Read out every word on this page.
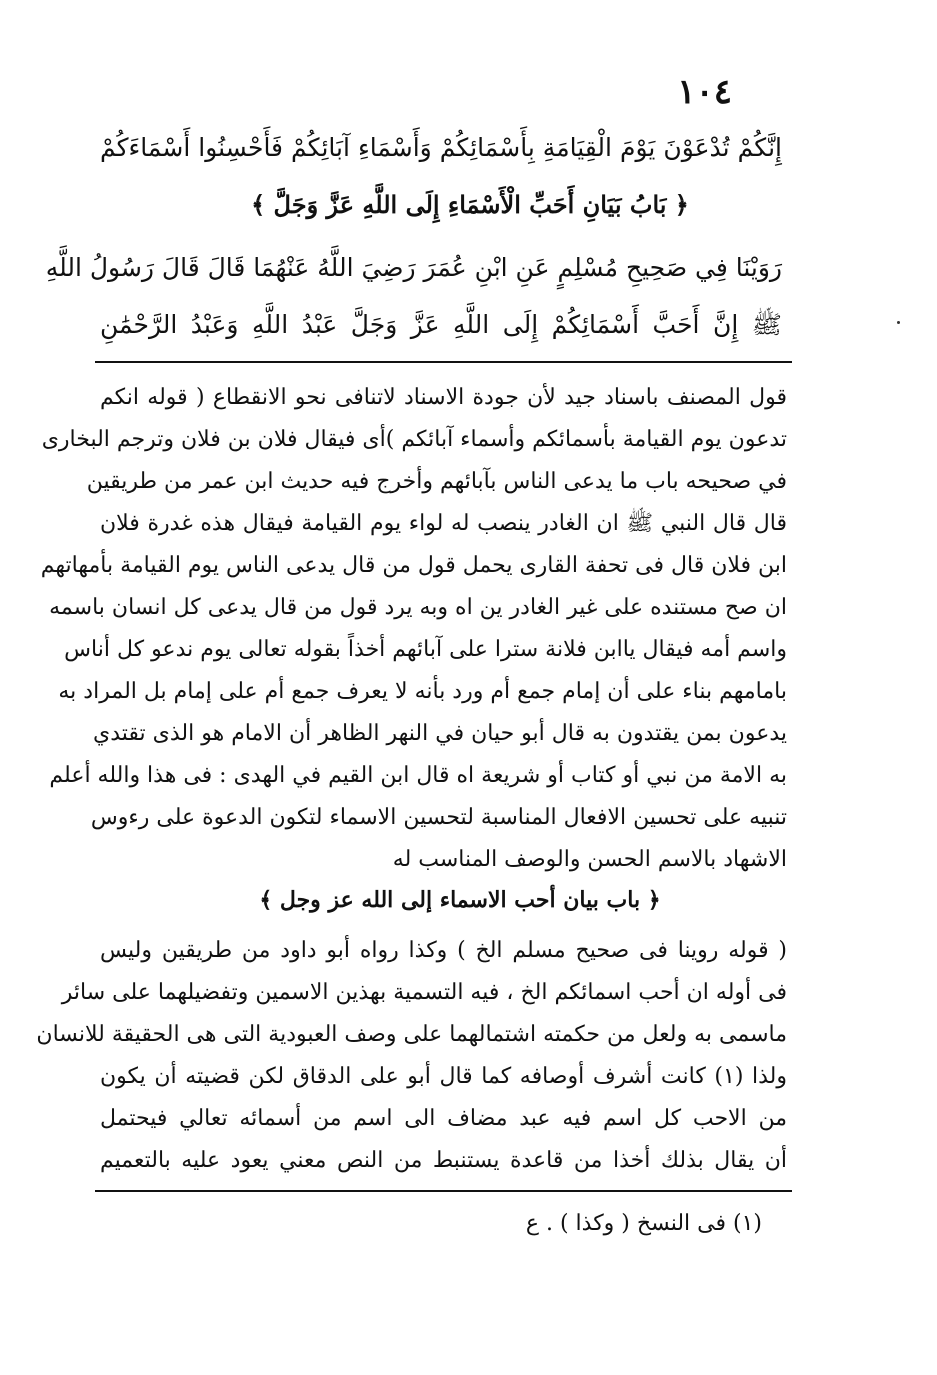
١٠٤
إِنَّكُمْ تُدْعَوْنَ يَوْمَ الْقِيَامَةِ بِأَسْمَائِكُمْ وَأَسْمَاءِ آبَائِكُمْ فَأَحْسِنُوا أَسْمَاءَكُمْ
﴿ بَابُ بَيَانِ أَحَبِّ الْأَسْمَاءِ إِلَى اللَّهِ عَزَّ وَجَلَّ ﴾
رَوَيْنَا فِي صَحِيحِ مُسْلِمٍ عَنِ ابْنِ عُمَرَ رَضِيَ اللَّهُ عَنْهُمَا قَالَ قَالَ رَسُولُ اللَّهِ
ﷺ إِنَّ أَحَبَّ أَسْمَائِكُمْ إِلَى اللَّهِ عَزَّ وَجَلَّ عَبْدُ اللَّهِ وَعَبْدُ الرَّحْمَٰنِ
قول المصنف باسناد جيد لأن جودة الاسناد لاتنافى نحو الانقطاع ( قوله انكم
تدعون يوم القيامة بأسمائكم وأسماء آبائكم )أى فيقال فلان بن فلان وترجم البخارى
في صحيحه باب ما يدعى الناس بآبائهم وأخرج فيه حديث ابن عمر من طريقين
قال قال النبي ﷺ ان الغادر ينصب له لواء يوم القيامة فيقال هذه غدرة فلان
ابن فلان قال فى تحفة القارى يحمل قول من قال يدعى الناس يوم القيامة بأمهاتهم
ان صح مستنده على غير الغادر ين اه وبه يرد قول من قال يدعى كل انسان باسمه
واسم أمه فيقال ياابن فلانة سترا على آبائهم أخذاً بقوله تعالى يوم ندعو كل أناس
بامامهم بناء على أن إمام جمع أم ورد بأنه لا يعرف جمع أم على إمام بل المراد به
يدعون بمن يقتدون به قال أبو حيان في النهر الظاهر أن الامام هو الذى تقتدي
به الامة من نبي أو كتاب أو شريعة اه قال ابن القيم في الهدى : فى هذا والله أعلم
تنبيه على تحسين الافعال المناسبة لتحسين الاسماء لتكون الدعوة على رءوس
الاشهاد بالاسم الحسن والوصف المناسب له
﴿ باب بيان أحب الاسماء إلى الله عز وجل ﴾
( قوله روينا فى صحيح مسلم الخ ) وكذا رواه أبو داود من طريقين وليس
فى أوله ان أحب اسمائكم الخ ، فيه التسمية بهذين الاسمين وتفضيلهما على سائر
ماسمى به ولعل من حكمته اشتمالهما على وصف العبودية التى هى الحقيقة للانسان
ولذا (١) كانت أشرف أوصافه كما قال أبو على الدقاق لكن قضيته أن يكون
من الاحب كل اسم فيه عبد مضاف الى اسم من أسمائه تعالي فيحتمل
أن يقال بذلك أخذا من قاعدة يستنبط من النص معني يعود عليه بالتعميم
(١) فى النسخ ( وكذا ) . ع
